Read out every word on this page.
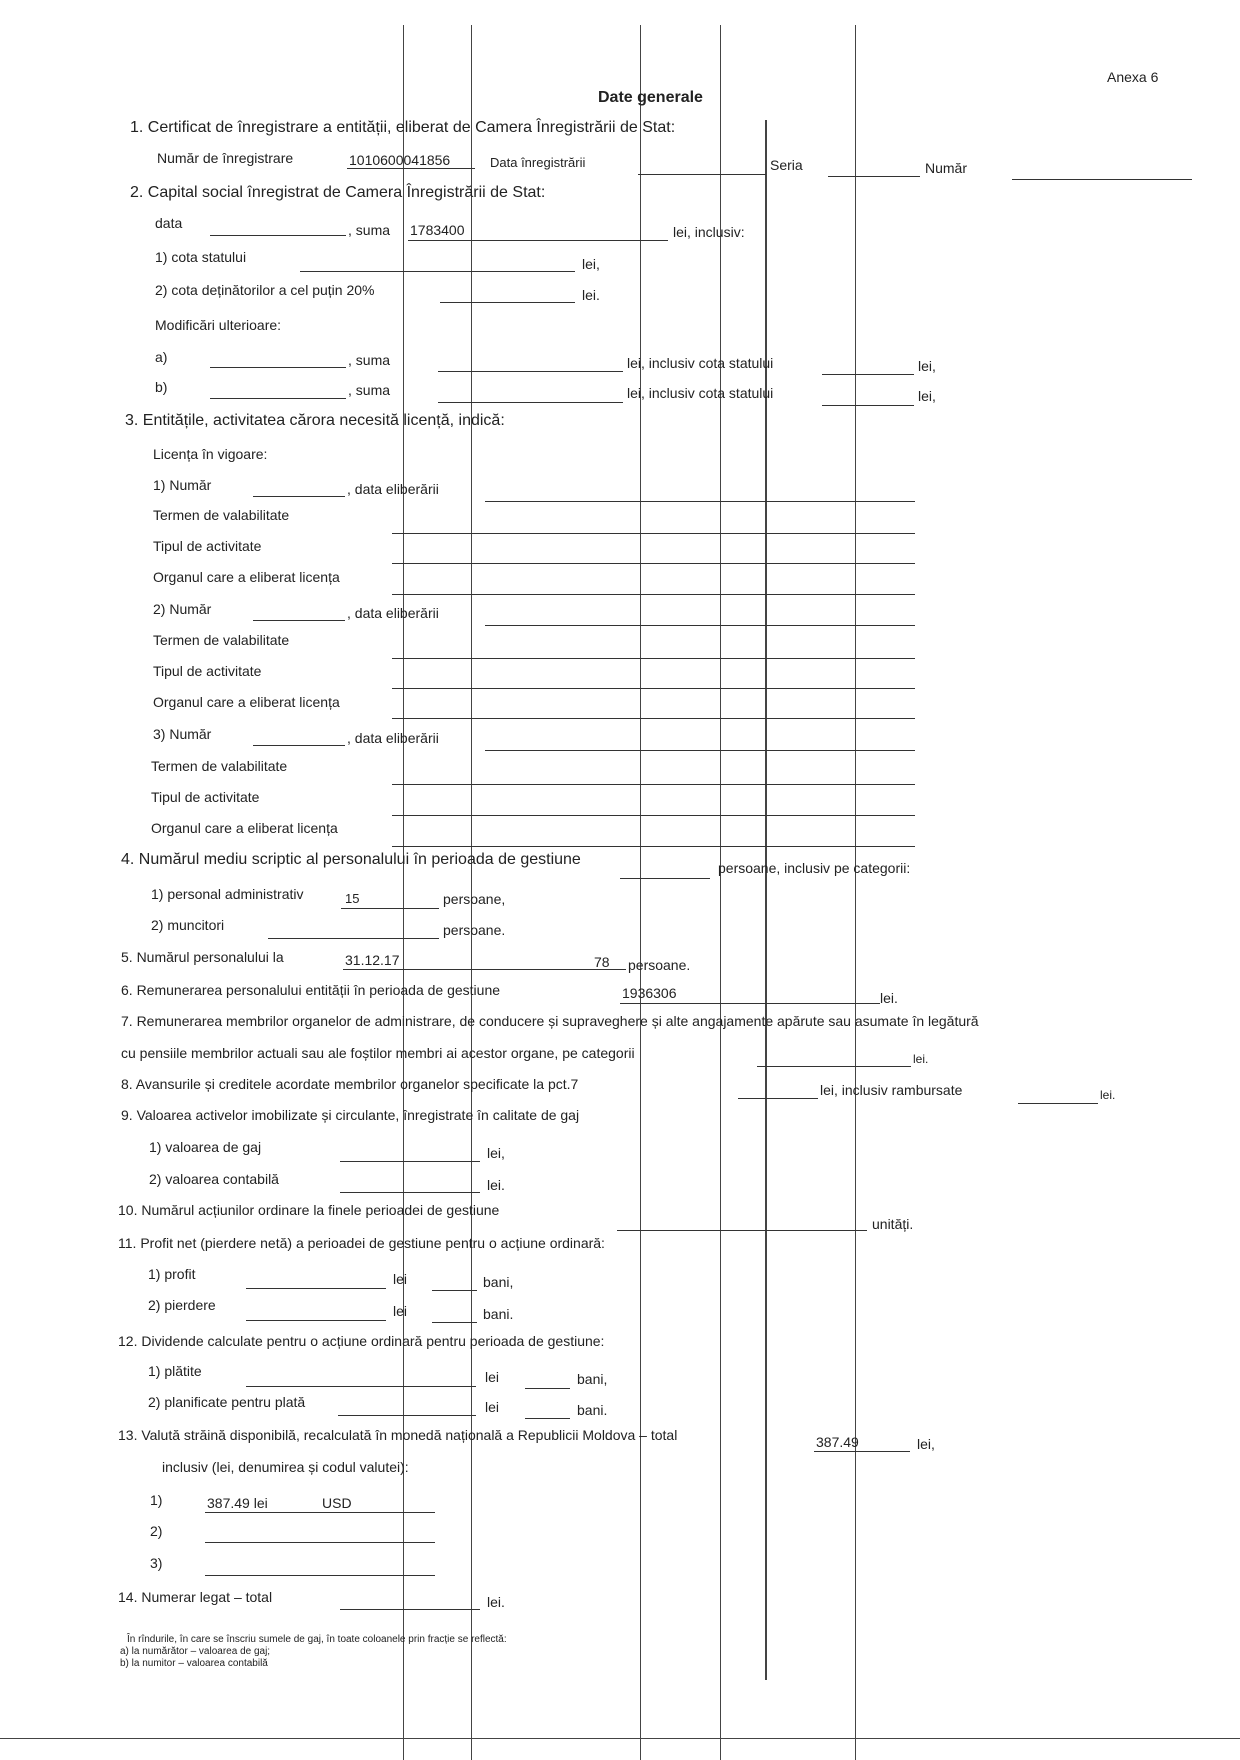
Anexa 6
Date generale
1. Certificat de înregistrare a entității, eliberat de Camera Înregistrării de Stat:
Număr de înregistrare	1010600041856	Data înregistrării	Seria	Număr
2. Capital social înregistrat de Camera Înregistrării de Stat:
data	, suma 1783400	lei, inclusiv:
1) cota statului	lei,
2) cota deținătorilor a cel puțin 20%	lei.
Modificări ulterioare:
a)	, suma	lei, inclusiv cota statului	lei,
b)	, suma	lei, inclusiv cota statului	lei,
3. Entitățile, activitatea cărora necesită licență, indică:
Licența în vigoare:
1) Număr	, data eliberării
Termen de valabilitate
Tipul de activitate
Organul care a eliberat licența
2) Număr	, data eliberării
Termen de valabilitate
Tipul de activitate
Organul care a eliberat licența
3) Număr	, data eliberării
Termen de valabilitate
Tipul de activitate
Organul care a eliberat licența
4. Numărul mediu scriptic al personalului în perioada de gestiune	persoane, inclusiv pe categorii:
1) personal administrativ	15	persoane,
2) muncitori	persoane.
5. Numărul personalului la	31.12.17	78 persoane.
6. Remunerarea personalului entității în perioada de gestiune	1936306	lei.
7. Remunerarea membrilor organelor de administrare, de conducere și supraveghere și alte angajamente apărute sau asumate în legătură
cu pensiile membrilor actuali sau ale foștilor membri ai acestor organe, pe categorii	lei.
8. Avansurile și creditele acordate membrilor organelor specificate la pct.7	lei, inclusiv rambursate	lei.
9. Valoarea activelor imobilizate și circulante, înregistrate în calitate de gaj
1) valoarea de gaj	lei,
2) valoarea contabilă	lei.
10. Numărul acțiunilor ordinare la finele perioadei de gestiune
unități.
11. Profit net (pierdere netă) a perioadei de gestiune pentru o acțiune ordinară:
1) profit	lei	bani,
2) pierdere	lei	bani.
12. Dividende calculate pentru o acțiune ordinară pentru perioada de gestiune:
1) plătite	lei	bani,
2) planificate pentru plată	lei	bani.
13. Valută străină disponibilă, recalculată în monedă națională a Republicii Moldova – total	387.49	lei,
inclusiv (lei, denumirea și codul valutei):
1)	387.49 lei	USD
2)
3)
14. Numerar legat – total	lei.
În rîndurile, în care se înscriu sumele de gaj, în toate coloanele prin fracție se reflectă:
a) la numărător – valoarea de gaj;
b) la numitor – valoarea contabilă
